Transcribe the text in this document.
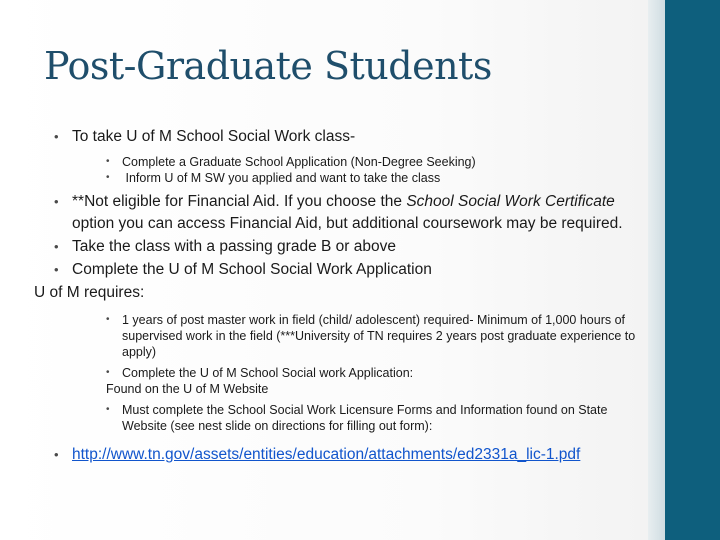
Post-Graduate Students
• To take U of M School Social Work class-
• Complete a Graduate School Application (Non-Degree Seeking)
• Inform U of M SW you applied and want to take the class
• **Not eligible for Financial Aid. If you choose the School Social Work Certificate option you can access Financial Aid, but additional coursework may be required.
• Take the class with a passing grade B or above
• Complete the U of M School Social Work Application
U of M requires:
• 1 years of post master work in field (child/ adolescent) required- Minimum of 1,000 hours of supervised work in the field (***University of TN requires 2 years post graduate experience to apply)
• Complete the U of M School Social work Application:
Found on the U of M Website
• Must complete the School Social Work Licensure Forms and Information found on State Website (see nest slide on directions for filling out form):
• http://www.tn.gov/assets/entities/education/attachments/ed2331a_lic-1.pdf
